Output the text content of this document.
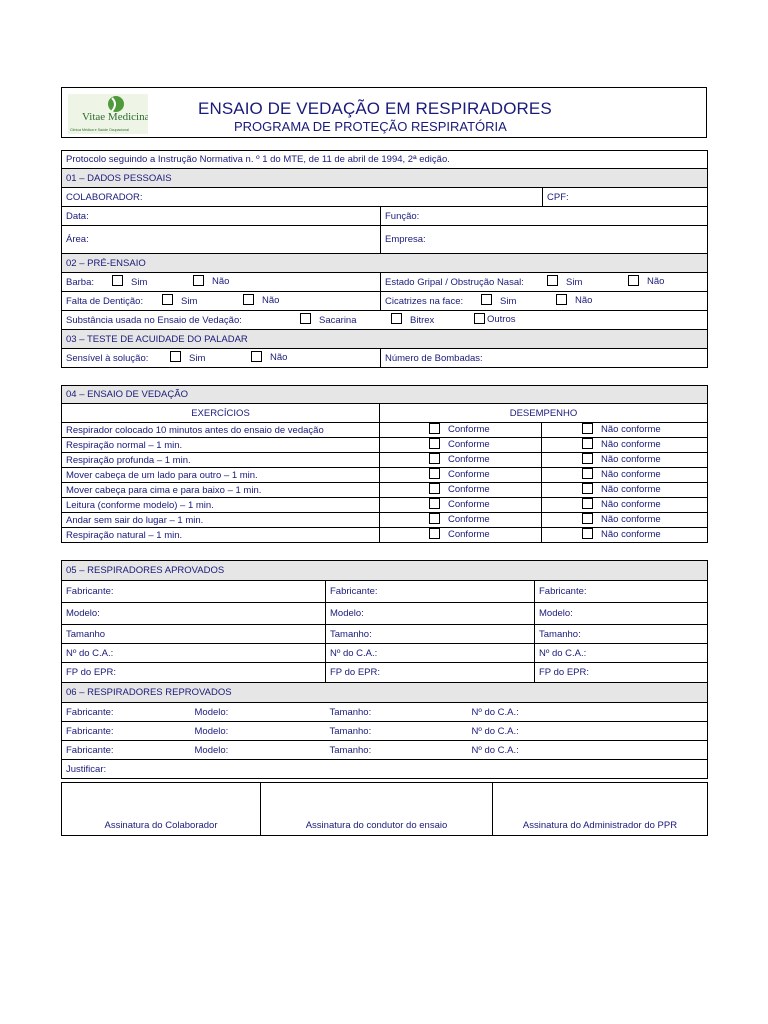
Vitae Medicina
Clínica Médica e Saúde Ocupacional
ENSAIO DE VEDAÇÃO EM RESPIRADORES
PROGRAMA DE PROTEÇÃO RESPIRATÓRIA
Protocolo seguindo a Instrução Normativa n. º 1 do MTE, de 11 de abril de 1994, 2ª edição.		
01 – DADOS PESSOAIS		
COLABORADOR:		CPF:
Data:	Função:	
Área:	Empresa:	
02 – PRÉ-ENSAIO		
Barba: Sim Não	Estado Gripal / Obstrução Nasal: Sim Não	
Falta de Dentição: Sim Não	Cicatrizes na face: Sim Não	
Substância usada no Ensaio de Vedação: Sacarina Bitrex Outros		
03 – TESTE DE ACUIDADE DO PALADAR		
Sensível à solução: Sim Não	Número de Bombadas:	
04 – ENSAIO DE VEDAÇÃO		
EXERCÍCIOS	DESEMPENHO	
Respirador colocado 10 minutos antes do ensaio de vedação	Conforme	Não conforme
Respiração normal – 1 min.	Conforme	Não conforme
Respiração profunda – 1 min.	Conforme	Não conforme
Mover cabeça de um lado para outro – 1 min.	Conforme	Não conforme
Mover cabeça para cima e para baixo – 1 min.	Conforme	Não conforme
Leitura (conforme modelo) – 1 min.	Conforme	Não conforme
Andar sem sair do lugar – 1 min.	Conforme	Não conforme
Respiração natural – 1 min.	Conforme	Não conforme
05 – RESPIRADORES APROVADOS				
Fabricante:		Fabricante:		Fabricante:
Modelo:		Modelo:		Modelo:
Tamanho		Tamanho:		Tamanho:
Nº do C.A.:		Nº do C.A.:		Nº do C.A.:
FP do EPR:		FP do EPR:		FP do EPR:
06 – RESPIRADORES REPROVADOS				
Fabricante:	Modelo:	Tamanho:	Nº do C.A.:	
Fabricante:	Modelo:	Tamanho:	Nº do C.A.:	
Fabricante:	Modelo:	Tamanho:	Nº do C.A.:	
Justificar:				
Assinatura do Colaborador	Assinatura do condutor do ensaio	Assinatura do Administrador do PPR
